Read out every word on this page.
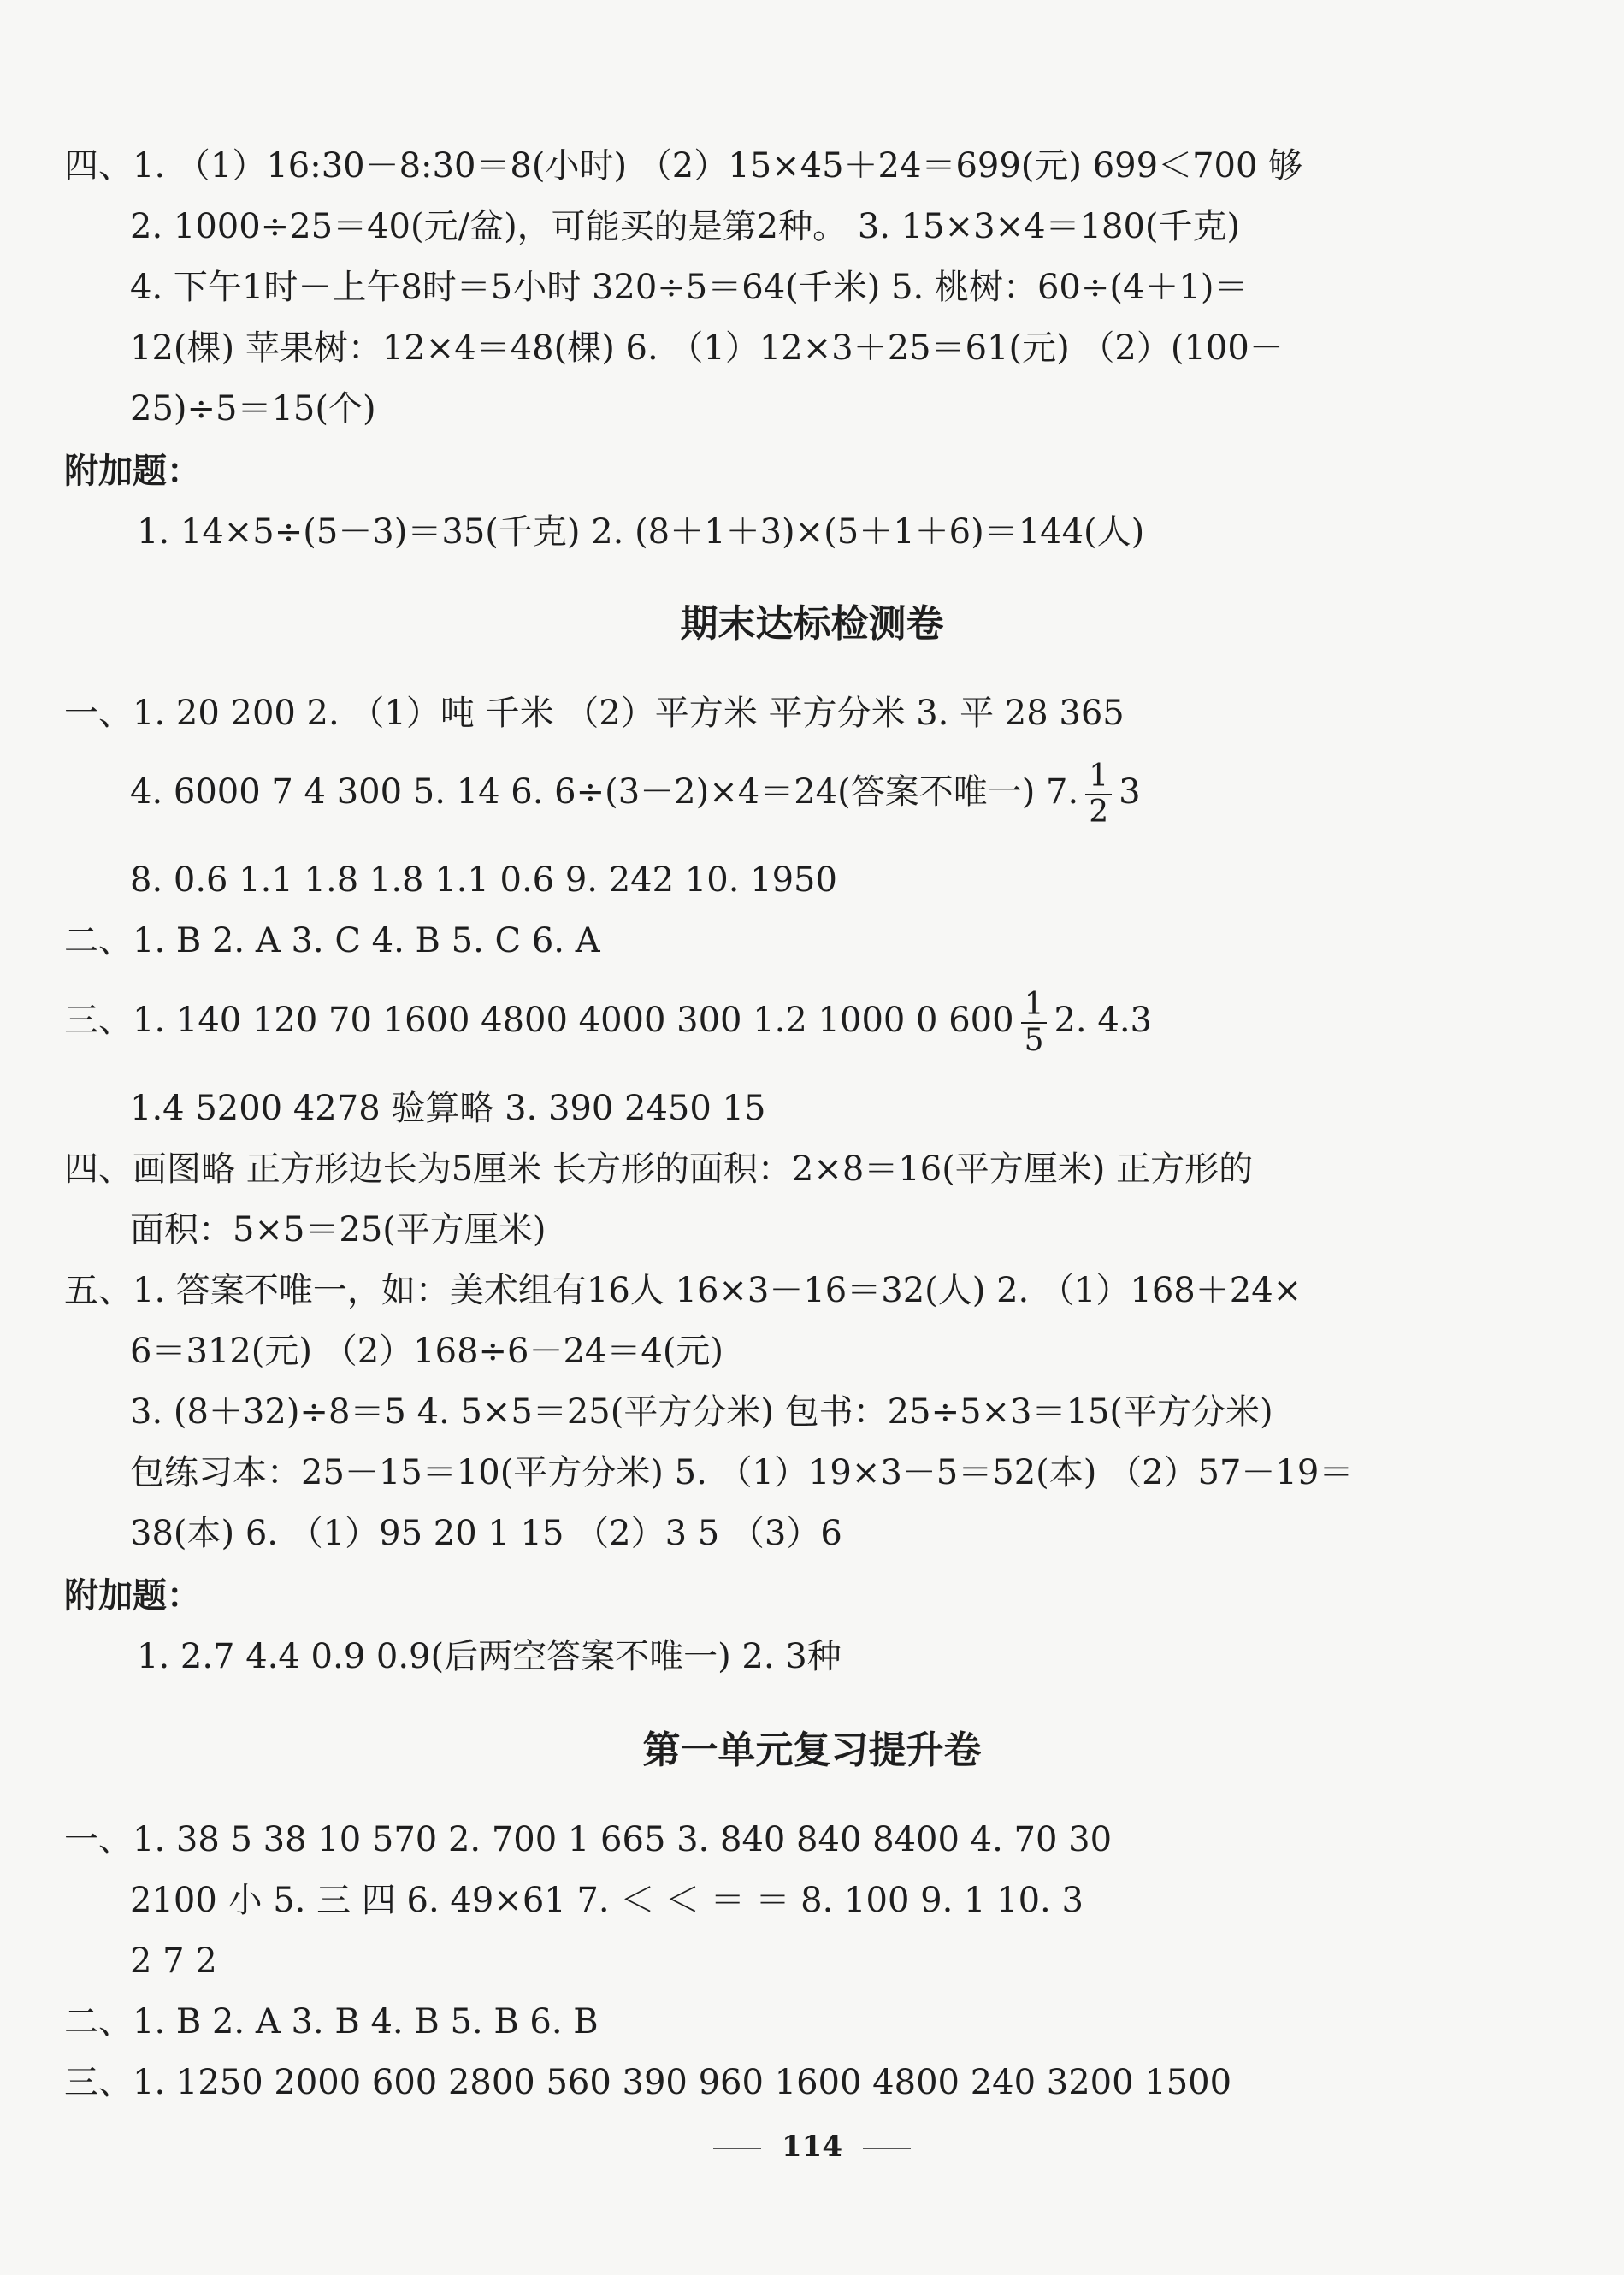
四、1. （1）16:30－8:30＝8(小时) （2）15×45＋24＝699(元) 699＜700 够
2. 1000÷25＝40(元/盆)，可能买的是第2种。 3. 15×3×4＝180(千克)
4. 下午1时－上午8时＝5小时 320÷5＝64(千米) 5. 桃树：60÷(4＋1)＝
12(棵) 苹果树：12×4＝48(棵) 6. （1）12×3＋25＝61(元) （2）(100－
25)÷5＝15(个)
附加题：
1. 14×5÷(5－3)＝35(千克) 2. (8＋1＋3)×(5＋1＋6)＝144(人)
期末达标检测卷
一、1. 20 200 2. （1）吨 千米 （2）平方米 平方分米 3. 平 28 365
4. 6000 7 4 300 5. 14 6. 6÷(3－2)×4＝24(答案不唯一) 7. $\frac{1}{2} 3$
8. 0.6 1.1 1.8 1.8 1.1 0.6 9. 242 10. 1950
二、1. B 2. A 3. C 4. B 5. C 6. A
三、1. 140 120 70 1600 4800 4000 300 1.2 1000 0 $600 \frac{1}{5} 2$. 4.3
1.4 5200 4278 验算略 3. 390 2450 15
四、画图略 正方形边长为5厘米 长方形的面积：2×8＝16(平方厘米) 正方形的
面积：5×5＝25(平方厘米)
五、1. 答案不唯一，如：美术组有16人 16×3－16＝32(人) 2. （1）168＋24×
6＝312(元) （2）168÷6－24＝4(元)
3. (8＋32)÷8＝5 4. 5×5＝25(平方分米) 包书：25÷5×3＝15(平方分米)
包练习本：25－15＝10(平方分米) 5. （1）19×3－5＝52(本) （2）57－19＝
38(本) 6. （1）95 20 1 15 （2）3 5 （3）6
附加题：
1. 2.7 4.4 0.9 0.9(后两空答案不唯一) 2. 3种
第一单元复习提升卷
一、1. 38 5 38 10 570 2. 700 1 665 3. 840 840 8400 4. 70 30
2100 小 5. 三 四 6. 49×61 7. ＜ ＜ ＝ ＝ 8. 100 9. 1 10. 3
2 7 2
二、1. B 2. A 3. B 4. B 5. B 6. B
三、1. 1250 2000 600 2800 560 390 960 1600 4800 240 3200 1500
114
